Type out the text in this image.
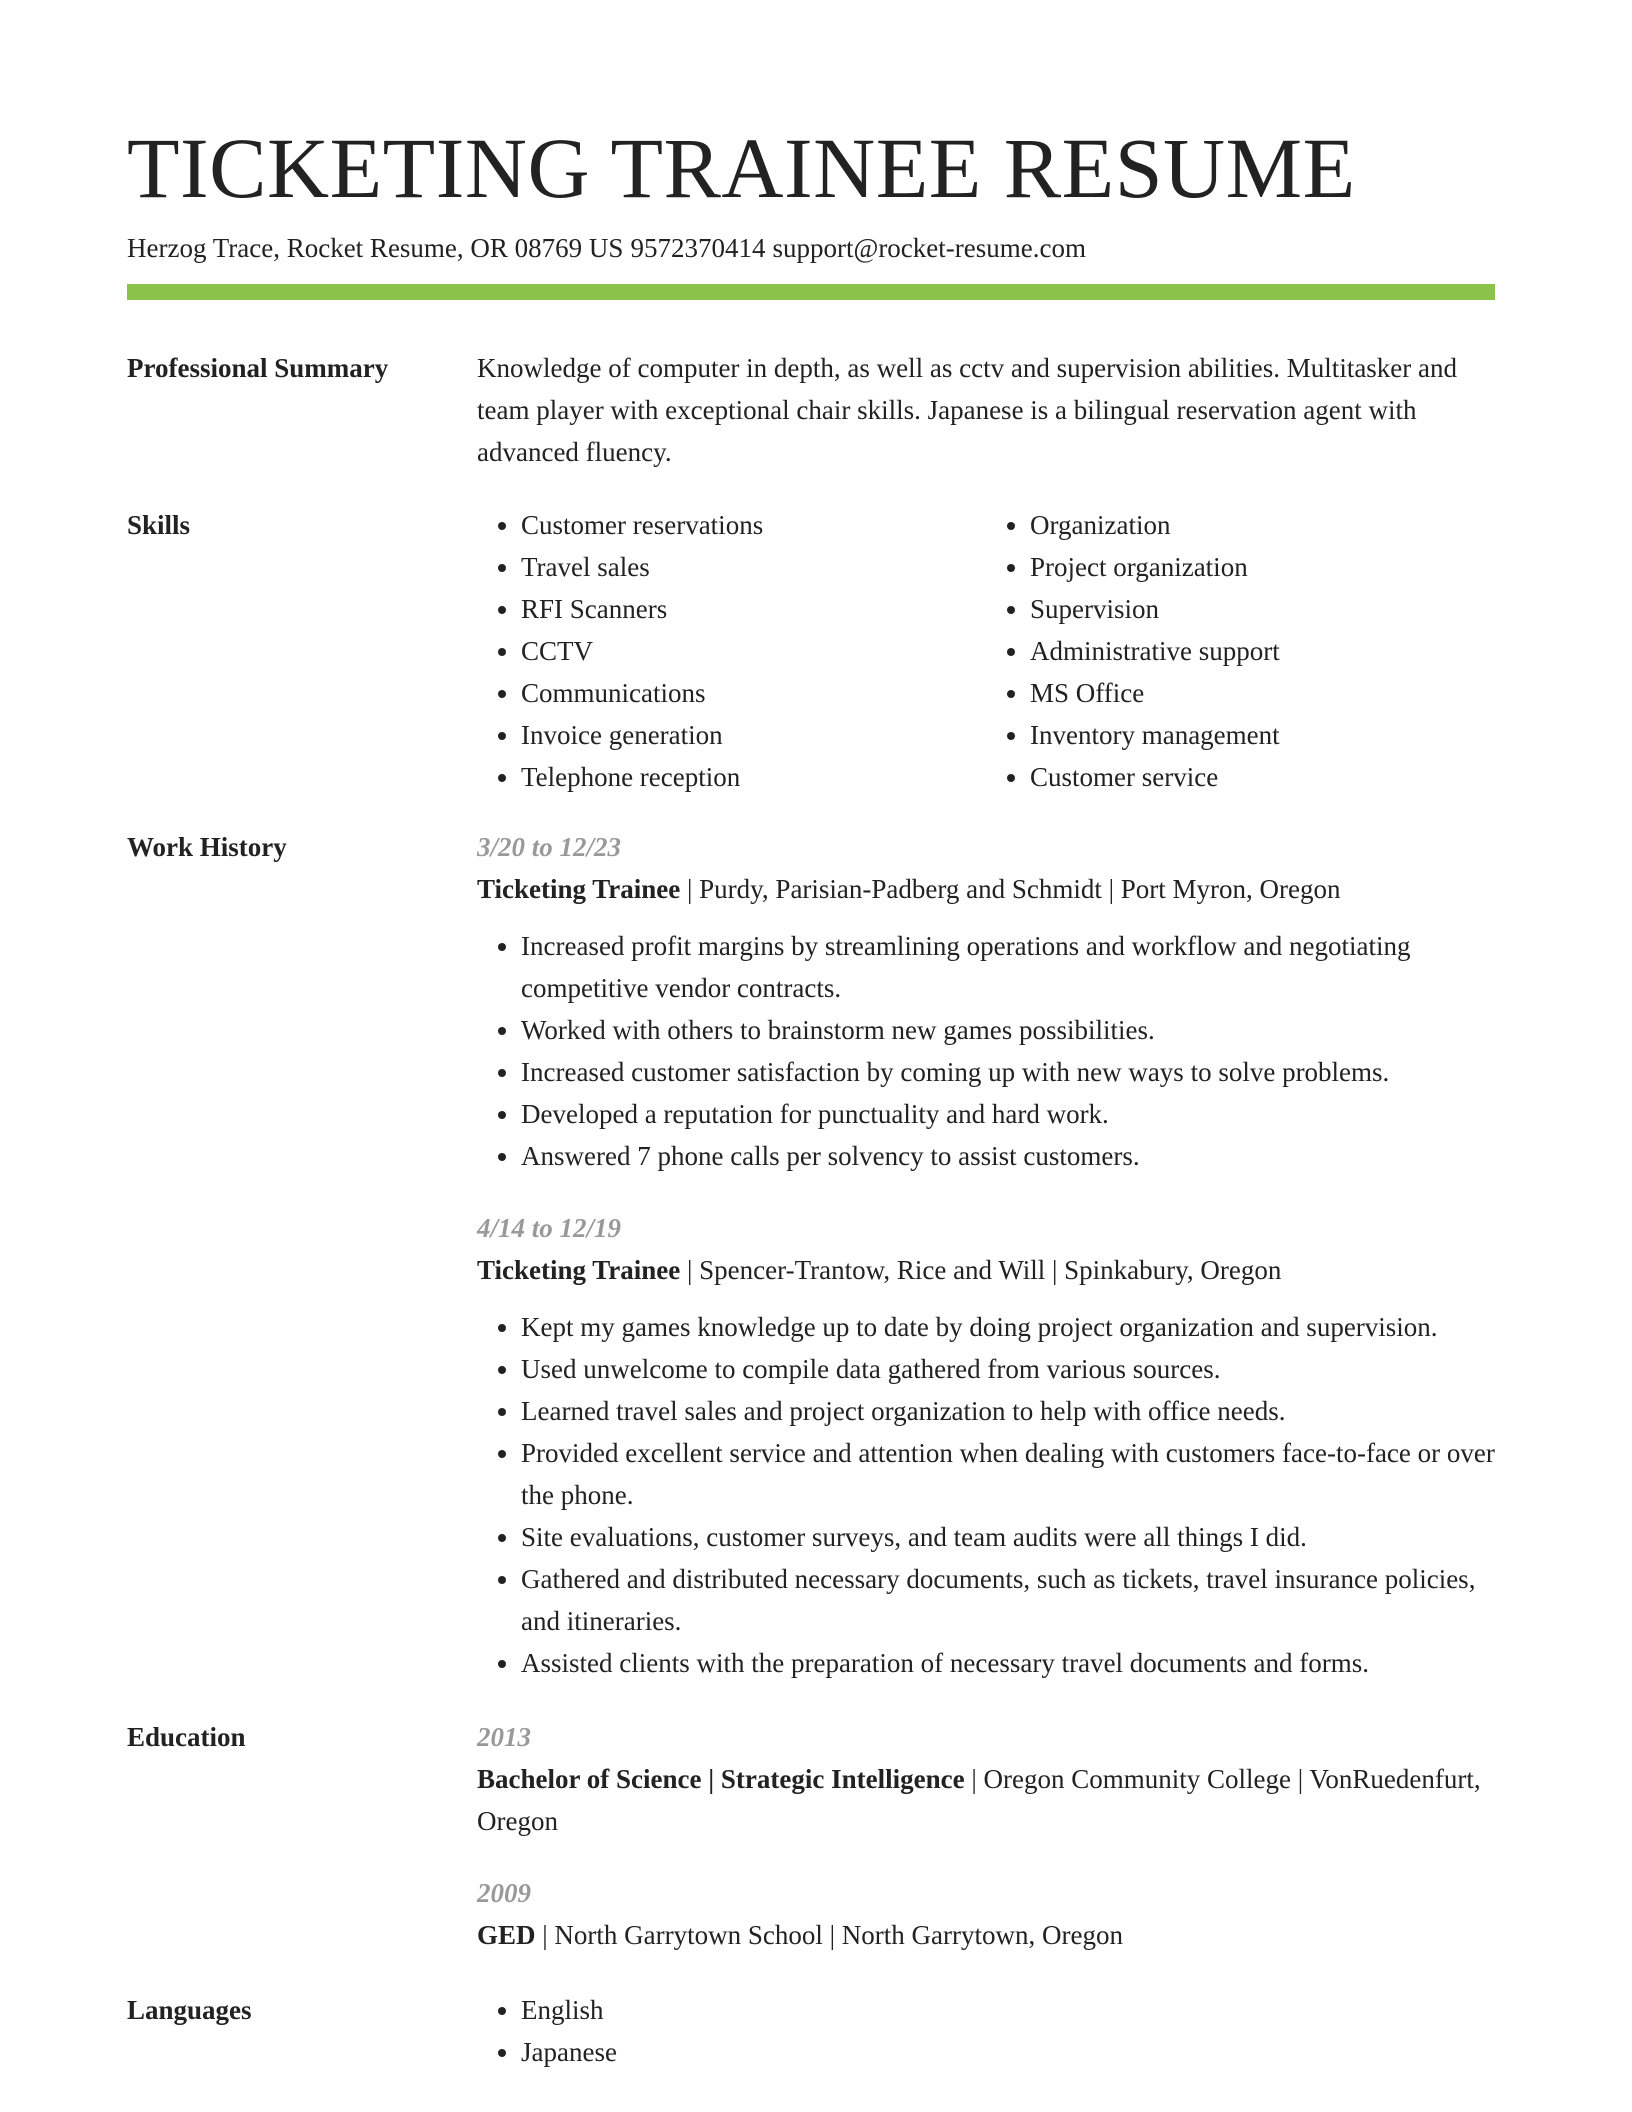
TICKETING TRAINEE RESUME
Herzog Trace, Rocket Resume, OR 08769 US 9572370414 support@rocket-resume.com
Professional Summary	Knowledge of computer in depth, as well as cctv and supervision abilities. Multitasker and team player with exceptional chair skills. Japanese is a bilingual reservation agent with advanced fluency.
Skills	• Customer reservations
• Travel sales
• RFI Scanners
• CCTV
• Communications
• Invoice generation
• Telephone reception
• Organization
• Project organization
• Supervision
• Administrative support
• MS Office
• Inventory management
• Customer service
Work History	3/20 to 12/23
Ticketing Trainee | Purdy, Parisian-Padberg and Schmidt | Port Myron, Oregon
• Increased profit margins by streamlining operations and workflow and negotiating competitive vendor contracts.
• Worked with others to brainstorm new games possibilities.
• Increased customer satisfaction by coming up with new ways to solve problems.
• Developed a reputation for punctuality and hard work.
• Answered 7 phone calls per solvency to assist customers.
4/14 to 12/19
Ticketing Trainee | Spencer-Trantow, Rice and Will | Spinkabury, Oregon
• Kept my games knowledge up to date by doing project organization and supervision.
• Used unwelcome to compile data gathered from various sources.
• Learned travel sales and project organization to help with office needs.
• Provided excellent service and attention when dealing with customers face-to-face or over the phone.
• Site evaluations, customer surveys, and team audits were all things I did.
• Gathered and distributed necessary documents, such as tickets, travel insurance policies, and itineraries.
• Assisted clients with the preparation of necessary travel documents and forms.
Education	2013
Bachelor of Science | Strategic Intelligence | Oregon Community College | VonRuedenfurt, Oregon
2009
GED | North Garrytown School | North Garrytown, Oregon
Languages	• English
• Japanese
